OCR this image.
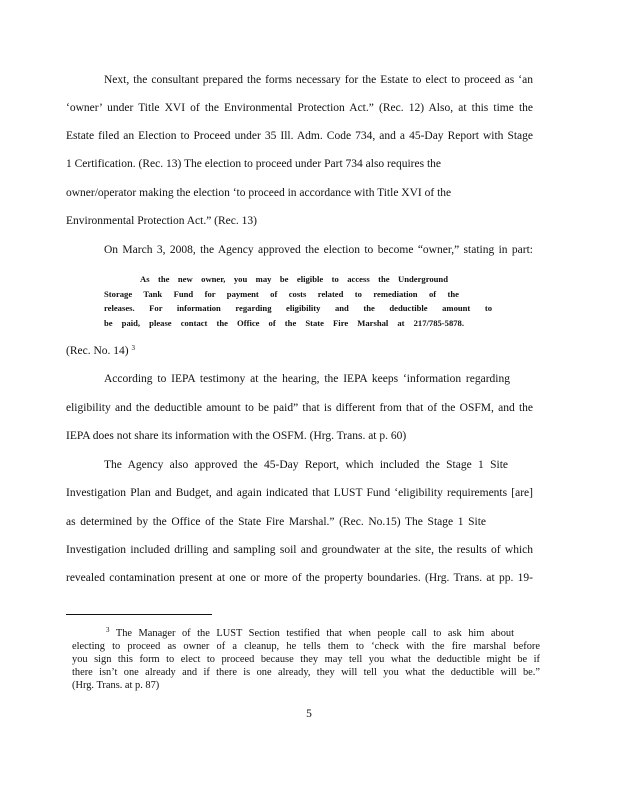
Next, the consultant prepared the forms necessary for the Estate to elect to proceed as ‘an
‘owner’ under Title XVI of the Environmental Protection Act.” (Rec. 12) Also, at this time the
Estate filed an Election to Proceed under 35 Ill. Adm. Code 734, and a 45-Day Report with Stage
1 Certification. (Rec. 13) The election to proceed under Part 734 also requires the
owner/operator making the election ‘to proceed in accordance with Title XVI of the
Environmental Protection Act.” (Rec. 13)
On March 3, 2008, the Agency approved the election to become “owner,” stating in part:
As the new owner, you may be eligible to access the Underground
Storage Tank Fund for payment of costs related to remediation of the
releases. For information regarding eligibility and the deductible amount to
be paid, please contact the Office of the State Fire Marshal at 217/785-5878.
(Rec. No. 14) $^3$
According to IEPA testimony at the hearing, the IEPA keeps ‘information regarding
eligibility and the deductible amount to be paid” that is different from that of the OSFM, and the
IEPA does not share its information with the OSFM. (Hrg. Trans. at p. 60)
The Agency also approved the 45-Day Report, which included the Stage 1 Site
Investigation Plan and Budget, and again indicated that LUST Fund ‘eligibility requirements [are]
as determined by the Office of the State Fire Marshal.” (Rec. No.15) The Stage 1 Site
Investigation included drilling and sampling soil and groundwater at the site, the results of which
revealed contamination present at one or more of the property boundaries. (Hrg. Trans. at pp. 19-
$^3$ The Manager of the LUST Section testified that when people call to ask him about
electing to proceed as owner of a cleanup, he tells them to ‘check with the fire marshal before
you sign this form to elect to proceed because they may tell you what the deductible might be if
there isn’t one already and if there is one already, they will tell you what the deductible will be.”
(Hrg. Trans. at p. 87)
5
